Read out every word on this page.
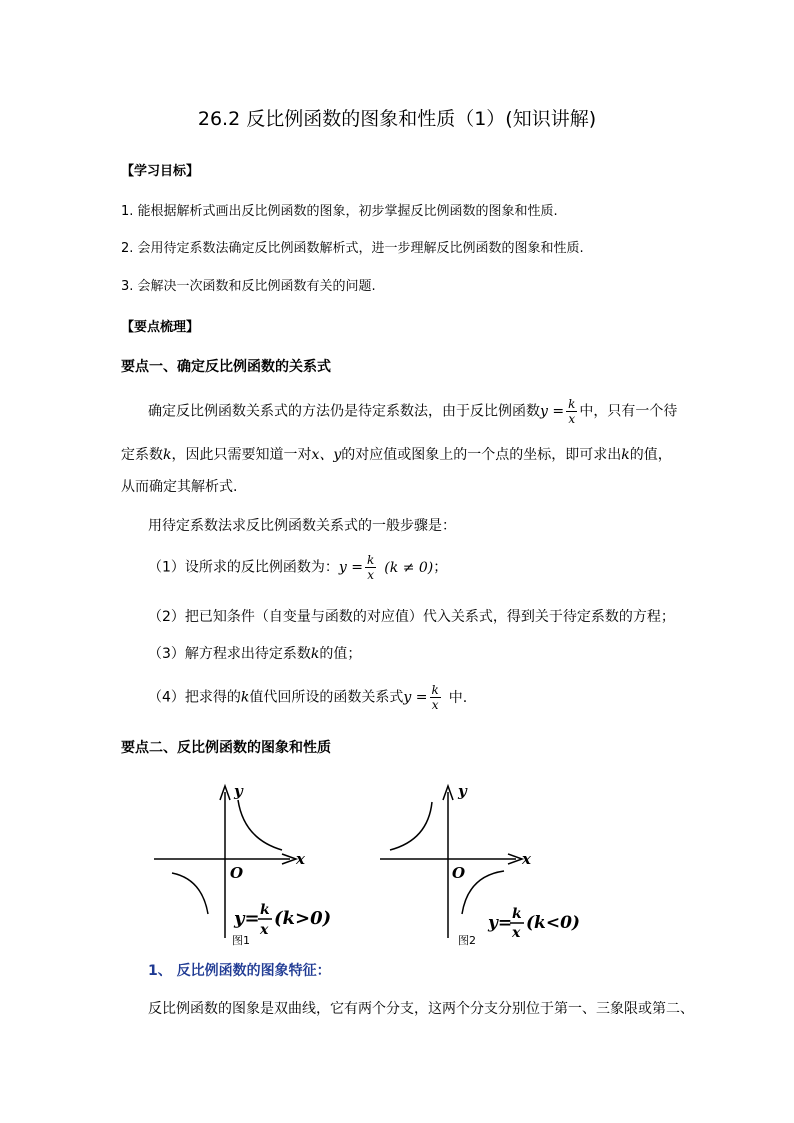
26.2 反比例函数的图象和性质（1）(知识讲解)
【学习目标】
1. 能根据解析式画出反比例函数的图象，初步掌握反比例函数的图象和性质.
2. 会用待定系数法确定反比例函数解析式，进一步理解反比例函数的图象和性质.
3. 会解决一次函数和反比例函数有关的问题.
【要点梳理】
要点一、确定反比例函数的关系式
确定反比例函数关系式的方法仍是待定系数法，由于反比例函数$y = \frac{k}{x}$ 中，只有一个待
定系数k，因此只需要知道一对x、y的对应值或图象上的一个点的坐标，即可求出k的值，
从而确定其解析式.
用待定系数法求反比例函数关系式的一般步骤是：
（1）设所求的反比例函数为：$y = \frac{k}{x} (k \ne 0)$；
（2）把已知条件（自变量与函数的对应值）代入关系式，得到关于待定系数的方程；
（3）解方程求出待定系数k的值；
（4）把求得的k值代回所设的函数关系式$y = \frac{k}{x}$ 中.
要点二、反比例函数的图象和性质
y
x
O
y= k
x
(k>0)
图1
y
x
O
y= k
x (k<0)
图2
1、 反比例函数的图象特征：
反比例函数的图象是双曲线，它有两个分支，这两个分支分别位于第一、三象限或第二、
